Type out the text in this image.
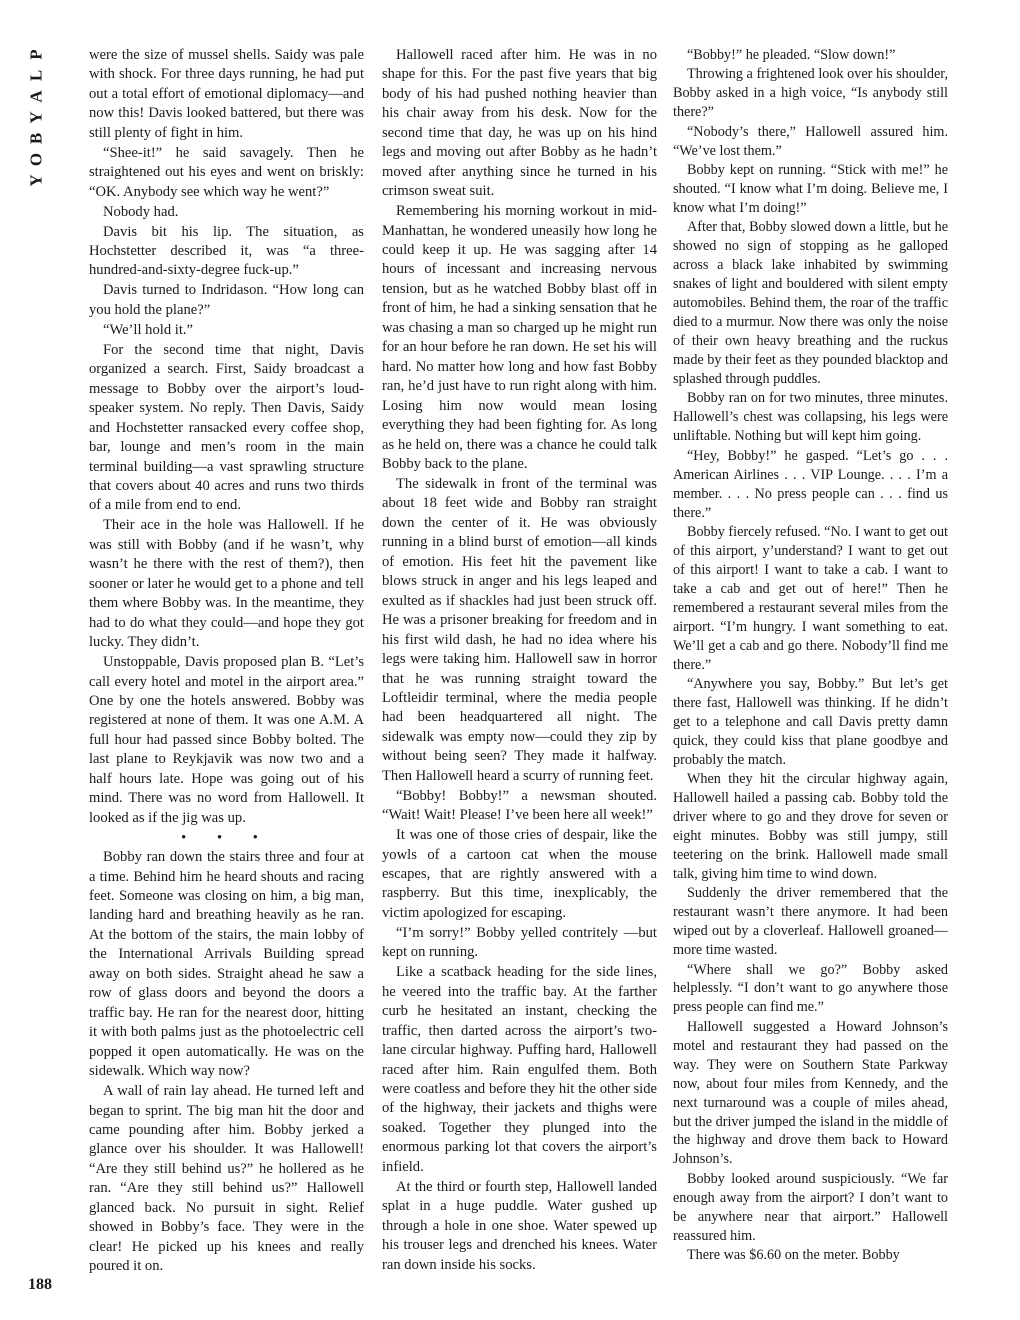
P
L
A
Y
B
O
Y
188

were the size of mussel shells. Saidy was pale with shock. For three days running, he had put out a total effort of emotional diplomacy—and now this! Davis looked battered, but there was still plenty of fight in him.

“Shee-it!” he said savagely. Then he straightened out his eyes and went on briskly: “OK. Anybody see which way he went?”

Nobody had.

Davis bit his lip. The situation, as Hochstetter described it, was “a three-hundred-and-sixty-degree fuck-up.”

Davis turned to Indridason. “How long can you hold the plane?”

“We’ll hold it.”

For the second time that night, Davis organized a search. First, Saidy broadcast a message to Bobby over the airport’s loud-speaker system. No reply. Then Davis, Saidy and Hochstetter ransacked every coffee shop, bar, lounge and men’s room in the main terminal building—a vast sprawling structure that covers about 40 acres and runs two thirds of a mile from end to end.

Their ace in the hole was Hallowell. If he was still with Bobby (and if he wasn’t, why wasn’t he there with the rest of them?), then sooner or later he would get to a phone and tell them where Bobby was. In the meantime, they had to do what they could—and hope they got lucky. They didn’t.

Unstoppable, Davis proposed plan B. “Let’s call every hotel and motel in the airport area.” One by one the hotels answered. Bobby was registered at none of them. It was one A.M. A full hour had passed since Bobby bolted. The last plane to Reykjavik was now two and a half hours late. Hope was going out of his mind. There was no word from Hallowell. It looked as if the jig was up.

• • •

Bobby ran down the stairs three and four at a time. Behind him he heard shouts and racing feet. Someone was closing on him, a big man, landing hard and breathing heavily as he ran. At the bottom of the stairs, the main lobby of the International Arrivals Building spread away on both sides. Straight ahead he saw a row of glass doors and beyond the doors a traffic bay. He ran for the nearest door, hitting it with both palms just as the photoelectric cell popped it open automatically. He was on the sidewalk. Which way now?

A wall of rain lay ahead. He turned left and began to sprint. The big man hit the door and came pounding after him. Bobby jerked a glance over his shoulder. It was Hallowell! “Are they still behind us?” he hollered as he ran. “Are they still behind us?” Hallowell glanced back. No pursuit in sight. Relief showed in Bobby’s face. They were in the clear! He picked up his knees and really poured it on.

Hallowell raced after him. He was in no shape for this. For the past five years that big body of his had pushed nothing heavier than his chair away from his desk. Now for the second time that day, he was up on his hind legs and moving out after Bobby as he hadn’t moved after anything since he turned in his crimson sweat suit.

Remembering his morning workout in mid-Manhattan, he wondered uneasily how long he could keep it up. He was sagging after 14 hours of incessant and increasing nervous tension, but as he watched Bobby blast off in front of him, he had a sinking sensation that he was chasing a man so charged up he might run for an hour before he ran down. He set his will hard. No matter how long and how fast Bobby ran, he’d just have to run right along with him. Losing him now would mean losing everything they had been fighting for. As long as he held on, there was a chance he could talk Bobby back to the plane.

The sidewalk in front of the terminal was about 18 feet wide and Bobby ran straight down the center of it. He was obviously running in a blind burst of emotion—all kinds of emotion. His feet hit the pavement like blows struck in anger and his legs leaped and exulted as if shackles had just been struck off. He was a prisoner breaking for freedom and in his first wild dash, he had no idea where his legs were taking him. Hallowell saw in horror that he was running straight toward the Loftleidir terminal, where the media people had been headquartered all night. The sidewalk was empty now—could they zip by without being seen? They made it halfway. Then Hallowell heard a scurry of running feet.

“Bobby! Bobby!” a newsman shouted. “Wait! Wait! Please! I’ve been here all week!”

It was one of those cries of despair, like the yowls of a cartoon cat when the mouse escapes, that are rightly answered with a raspberry. But this time, inexplicably, the victim apologized for escaping.

“I’m sorry!” Bobby yelled contritely —but kept on running.

Like a scatback heading for the side lines, he veered into the traffic bay. At the farther curb he hesitated an instant, checking the traffic, then darted across the airport’s two-lane circular highway. Puffing hard, Hallowell raced after him. Rain engulfed them. Both were coatless and before they hit the other side of the highway, their jackets and thighs were soaked. Together they plunged into the enormous parking lot that covers the airport’s infield.

At the third or fourth step, Hallowell landed splat in a huge puddle. Water gushed up through a hole in one shoe. Water spewed up his trouser legs and drenched his knees. Water ran down inside his socks.

“Bobby!” he pleaded. “Slow down!”

Throwing a frightened look over his shoulder, Bobby asked in a high voice, “Is anybody still there?”

“Nobody’s there,” Hallowell assured him. “We’ve lost them.”

Bobby kept on running. “Stick with me!” he shouted. “I know what I’m doing. Believe me, I know what I’m doing!”

After that, Bobby slowed down a little, but he showed no sign of stopping as he galloped across a black lake inhabited by swimming snakes of light and bouldered with silent empty automobiles. Behind them, the roar of the traffic died to a murmur. Now there was only the noise of their own heavy breathing and the ruckus made by their feet as they pounded blacktop and splashed through puddles.

Bobby ran on for two minutes, three minutes. Hallowell’s chest was collapsing, his legs were unliftable. Nothing but will kept him going.

“Hey, Bobby!” he gasped. “Let’s go . . . American Airlines . . . VIP Lounge. . . . I’m a member. . . . No press people can . . . find us there.”

Bobby fiercely refused. “No. I want to get out of this airport, y’understand? I want to get out of this airport! I want to take a cab. I want to take a cab and get out of here!” Then he remembered a restaurant several miles from the airport. “I’m hungry. I want something to eat. We’ll get a cab and go there. Nobody’ll find me there.”

“Anywhere you say, Bobby.” But let’s get there fast, Hallowell was thinking. If he didn’t get to a telephone and call Davis pretty damn quick, they could kiss that plane goodbye and probably the match.

When they hit the circular highway again, Hallowell hailed a passing cab. Bobby told the driver where to go and they drove for seven or eight minutes. Bobby was still jumpy, still teetering on the brink. Hallowell made small talk, giving him time to wind down.

Suddenly the driver remembered that the restaurant wasn’t there anymore. It had been wiped out by a cloverleaf. Hallowell groaned—more time wasted.

“Where shall we go?” Bobby asked helplessly. “I don’t want to go anywhere those press people can find me.”

Hallowell suggested a Howard Johnson’s motel and restaurant they had passed on the way. They were on Southern State Parkway now, about four miles from Kennedy, and the next turnaround was a couple of miles ahead, but the driver jumped the island in the middle of the highway and drove them back to Howard Johnson’s.

Bobby looked around suspiciously. “We far enough away from the airport? I don’t want to be anywhere near that airport.” Hallowell reassured him.

There was $6.60 on the meter. Bobby
